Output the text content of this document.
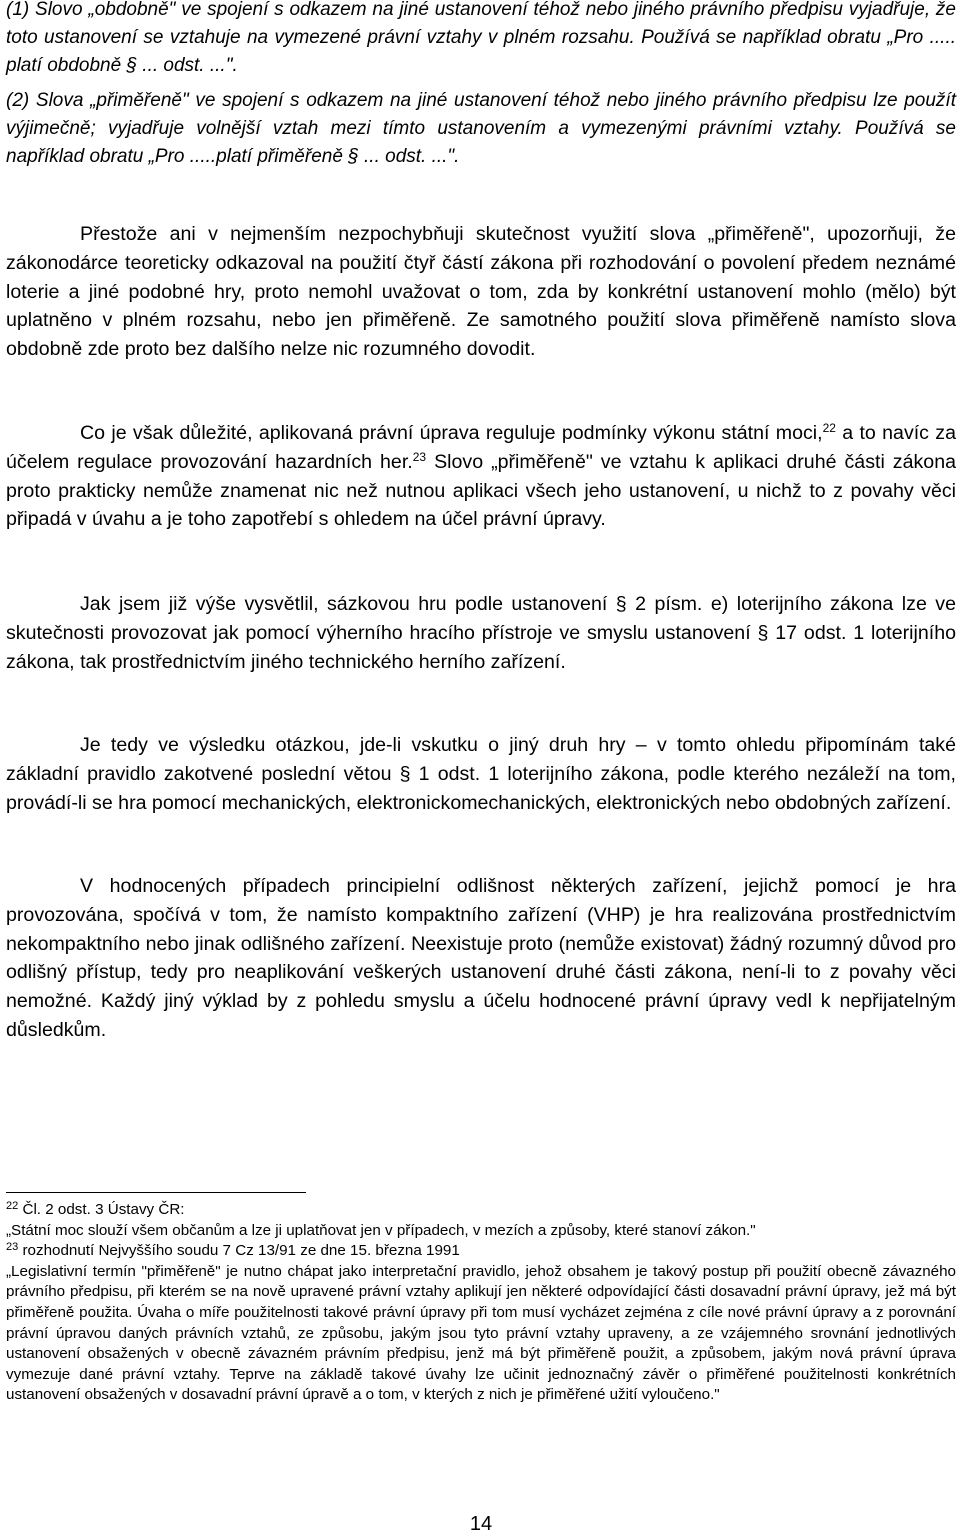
(1) Slovo „obdobně" ve spojení s odkazem na jiné ustanovení téhož nebo jiného právního předpisu vyjadřuje, že toto ustanovení se vztahuje na vymezené právní vztahy v plném rozsahu. Používá se například obratu „Pro ..... platí obdobně § ... odst. ...".

(2) Slova „přiměřeně" ve spojení s odkazem na jiné ustanovení téhož nebo jiného právního předpisu lze použít výjimečně; vyjadřuje volnější vztah mezi tímto ustanovením a vymezenými právními vztahy. Používá se například obratu „Pro .....platí přiměřeně § ... odst. ...".

Přestože ani v nejmenším nezpochybňuji skutečnost využití slova „přiměřeně", upozorňuji, že zákonodárce teoreticky odkazoval na použití čtyř částí zákona při rozhodování o povolení předem neznámé loterie a jiné podobné hry, proto nemohl uvažovat o tom, zda by konkrétní ustanovení mohlo (mělo) být uplatněno v plném rozsahu, nebo jen přiměřeně. Ze samotného použití slova přiměřeně namísto slova obdobně zde proto bez dalšího nelze nic rozumného dovodit.

Co je však důležité, aplikovaná právní úprava reguluje podmínky výkonu státní moci,$^{22}$ a to navíc za účelem regulace provozování hazardních her.$^{23}$ Slovo „přiměřeně" ve vztahu k aplikaci druhé části zákona proto prakticky nemůže znamenat nic než nutnou aplikaci všech jeho ustanovení, u nichž to z povahy věci připadá v úvahu a je toho zapotřebí s ohledem na účel právní úpravy.

Jak jsem již výše vysvětlil, sázkovou hru podle ustanovení § 2 písm. e) loterijního zákona lze ve skutečnosti provozovat jak pomocí výherního hracího přístroje ve smyslu ustanovení § 17 odst. 1 loterijního zákona, tak prostřednictvím jiného technického herního zařízení.

Je tedy ve výsledku otázkou, jde-li vskutku o jiný druh hry – v tomto ohledu připomínám také základní pravidlo zakotvené poslední větou § 1 odst. 1 loterijního zákona, podle kterého nezáleží na tom, provádí-li se hra pomocí mechanických, elektronickomechanických, elektronických nebo obdobných zařízení.

V hodnocených případech principielní odlišnost některých zařízení, jejichž pomocí je hra provozována, spočívá v tom, že namísto kompaktního zařízení (VHP) je hra realizována prostřednictvím nekompaktního nebo jinak odlišného zařízení. Neexistuje proto (nemůže existovat) žádný rozumný důvod pro odlišný přístup, tedy pro neaplikování veškerých ustanovení druhé části zákona, není-li to z povahy věci nemožné. Každý jiný výklad by z pohledu smyslu a účelu hodnocené právní úpravy vedl k nepřijatelným důsledkům.

$^{22}$ Čl. 2 odst. 3 Ústavy ČR:

„Státní moc slouží všem občanům a lze ji uplatňovat jen v případech, v mezích a způsoby, které stanoví zákon."

$^{23}$ rozhodnutí Nejvyššího soudu 7 Cz 13/91 ze dne 15. března 1991

„Legislativní termín "přiměřeně" je nutno chápat jako interpretační pravidlo, jehož obsahem je takový postup při použití obecně závazného právního předpisu, při kterém se na nově upravené právní vztahy aplikují jen některé odpovídající části dosavadní právní úpravy, jež má být přiměřeně použita. Úvaha o míře použitelnosti takové právní úpravy při tom musí vycházet zejména z cíle nové právní úpravy a z porovnání právní úpravou daných právních vztahů, ze způsobu, jakým jsou tyto právní vztahy upraveny, a ze vzájemného srovnání jednotlivých ustanovení obsažených v obecně závazném právním předpisu, jenž má být přiměřeně použit, a způsobem, jakým nová právní úprava vymezuje dané právní vztahy. Teprve na základě takové úvahy lze učinit jednoznačný závěr o přiměřené použitelnosti konkrétních ustanovení obsažených v dosavadní právní úpravě a o tom, v kterých z nich je přiměřené užití vyloučeno."

14
